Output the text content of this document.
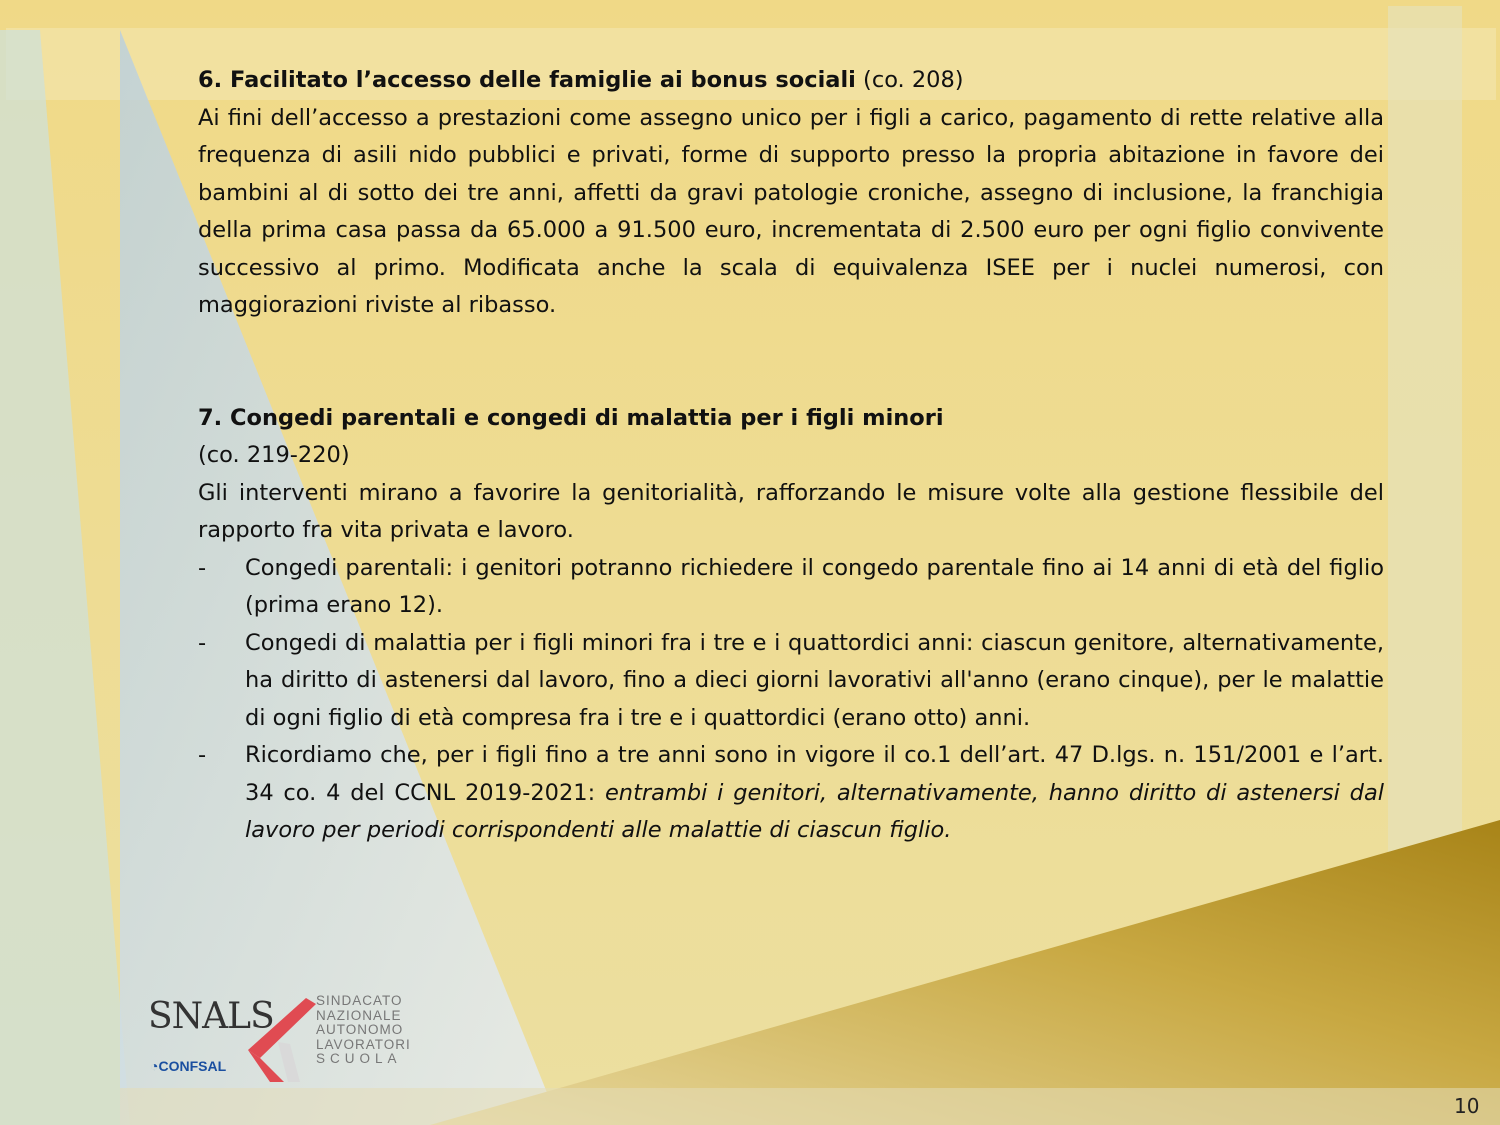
6. Facilitato l’accesso delle famiglie ai bonus sociali (co. 208)

Ai fini dell’accesso a prestazioni come assegno unico per i figli a carico, pagamento di rette relative alla frequenza di asili nido pubblici e privati, forme di supporto presso la propria abitazione in favore dei bambini al di sotto dei tre anni, affetti da gravi patologie croniche, assegno di inclusione, la franchigia della prima casa passa da 65.000 a 91.500 euro, incrementata di 2.500 euro per ogni figlio convivente successivo al primo. Modificata anche la scala di equivalenza ISEE per i nuclei numerosi, con maggiorazioni riviste al ribasso.

7. Congedi parentali e congedi di malattia per i figli minori

(co. 219-220)

Gli interventi mirano a favorire la genitorialità, rafforzando le misure volte alla gestione flessibile del rapporto fra vita privata e lavoro.

- Congedi parentali: i genitori potranno richiedere il congedo parentale fino ai 14 anni di età del figlio (prima erano 12).
- Congedi di malattia per i figli minori fra i tre e i quattordici anni: ciascun genitore, alternativamente, ha diritto di astenersi dal lavoro, fino a dieci giorni lavorativi all'anno (erano cinque), per le malattie di ogni figlio di età compresa fra i tre e i quattordici (erano otto) anni.
- Ricordiamo che, per i figli fino a tre anni sono in vigore il co.1 dell’art. 47 D.lgs. n. 151/2001 e l’art. 34 co. 4 del CCNL 2019-2021: entrambi i genitori, alternativamente, hanno diritto di astenersi dal lavoro per periodi corrispondenti alle malattie di ciascun figlio.
SNALS
◔CONFSAL
SINDACATO
NAZIONALE
AUTONOMO
LAVORATORI
SCUOLA
10
